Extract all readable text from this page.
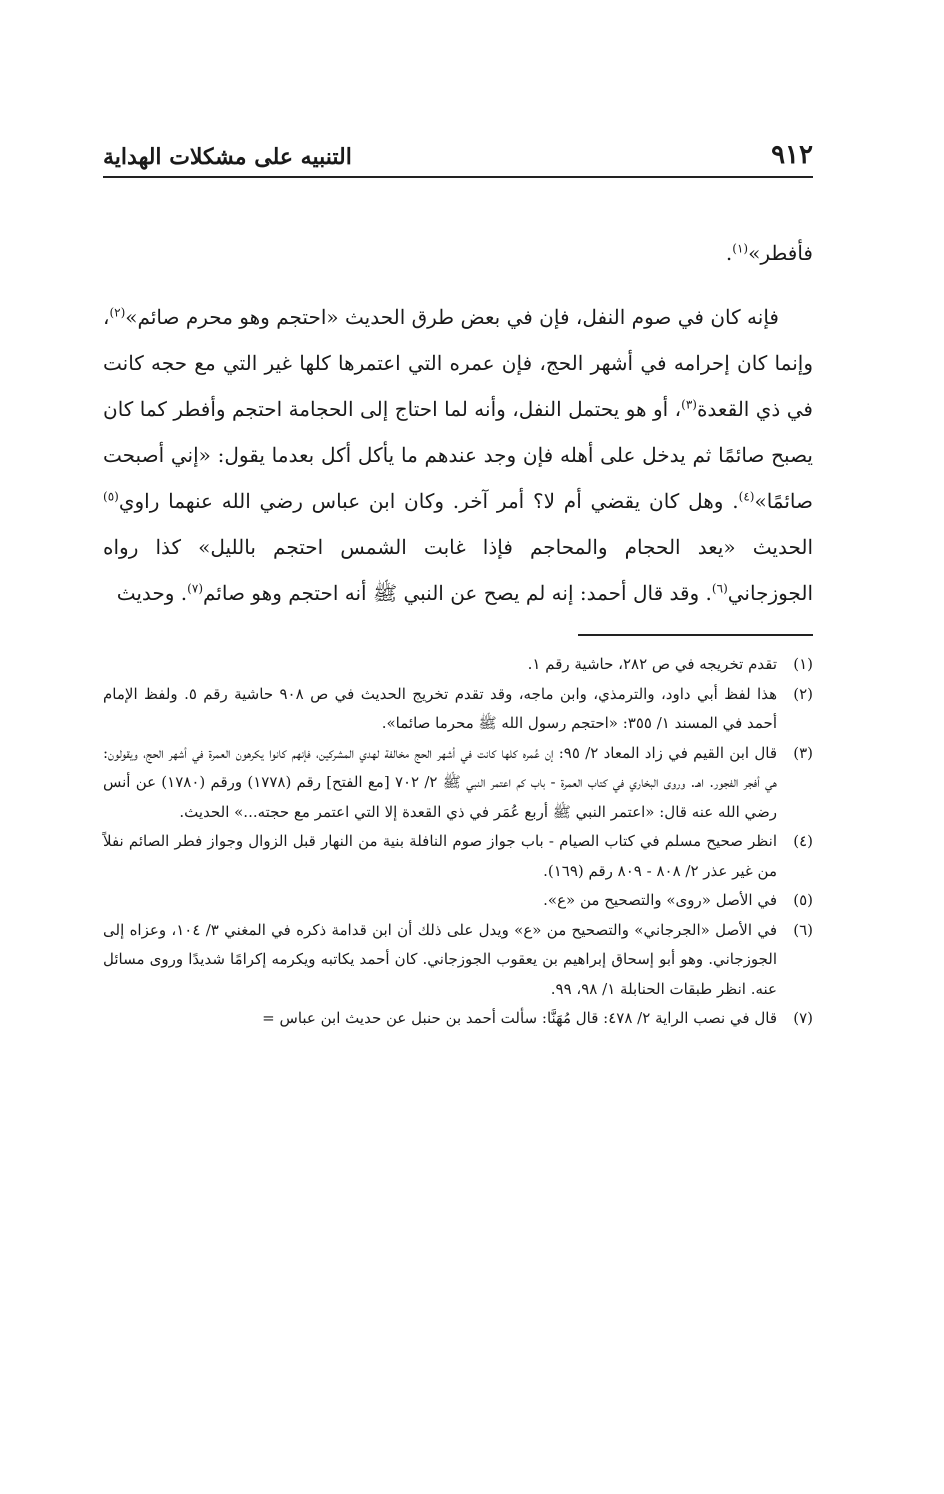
٩١٢
التنبيه على مشكلات الهداية

فأفطر»$^{(١)}$.

فإنه كان في صوم النفل، فإن في بعض طرق الحديث «احتجم وهو محرم صائم»$^{(٢)}$، وإنما كان إحرامه في أشهر الحج، فإن عمره التي اعتمرها كلها غير التي مع حجه كانت في ذي القعدة$^{(٣)}$، أو هو يحتمل النفل، وأنه لما احتاج إلى الحجامة احتجم وأفطر كما كان يصبح صائمًا ثم يدخل على أهله فإن وجد عندهم ما يأكل أكل بعدما يقول: «إني أصبحت صائمًا»$^{(٤)}$. وهل كان يقضي أم لا؟ أمر آخر. وكان ابن عباس رضي الله عنهما راوي$^{(٥)}$ الحديث «يعد الحجام والمحاجم فإذا غابت الشمس احتجم بالليل» كذا رواه الجوزجاني$^{(٦)}$. وقد قال أحمد: إنه لم يصح عن النبي ﷺ أنه احتجم وهو صائم$^{(٧)}$. وحديث

(١)
تقدم تخريجه في ص ٢٨٢، حاشية رقم ١.

(٢)
هذا لفظ أبي داود، والترمذي، وابن ماجه، وقد تقدم تخريج الحديث في ص ٩٠٨ حاشية رقم ٥. ولفظ الإمام أحمد في المسند ١/ ٣٥٥: «احتجم رسول الله ﷺ محرما صائما».

(٣)
قال ابن القيم في زاد المعاد ٢/ ٩٥: إن عُمره كلها كانت في أشهر الحج مخالفة لهدي المشركين، فإنهم كانوا يكرهون العمرة في أشهر الحج، ويقولون: هي أفجر الفجور. اهـ. وروى البخاري في كتاب العمرة - باب كم اعتمر النبي ﷺ ٢/ ٧٠٢ [مع الفتح] رقم (١٧٧٨) ورقم (١٧٨٠) عن أنس رضي الله عنه قال: «اعتمر النبي ﷺ أربع عُمَر في ذي القعدة إلا التي اعتمر مع حجته...» الحديث.

(٤)
انظر صحيح مسلم في كتاب الصيام - باب جواز صوم النافلة بنية من النهار قبل الزوال وجواز فطر الصائم نفلاً من غير عذر ٢/ ٨٠٨ - ٨٠٩ رقم (١٦٩).

(٥)
في الأصل «روى» والتصحيح من «ع».

(٦)
في الأصل «الجرجاني» والتصحيح من «ع» ويدل على ذلك أن ابن قدامة ذكره في المغني ٣/ ١٠٤، وعزاه إلى الجوزجاني. وهو أبو إسحاق إبراهيم بن يعقوب الجوزجاني. كان أحمد يكاتبه ويكرمه إكرامًا شديدًا وروى مسائل عنه. انظر طبقات الحنابلة ١/ ٩٨، ٩٩.

(٧)
قال في نصب الراية ٢/ ٤٧٨: قال مُهَنَّا: سألت أحمد بن حنبل عن حديث ابن عباس =
